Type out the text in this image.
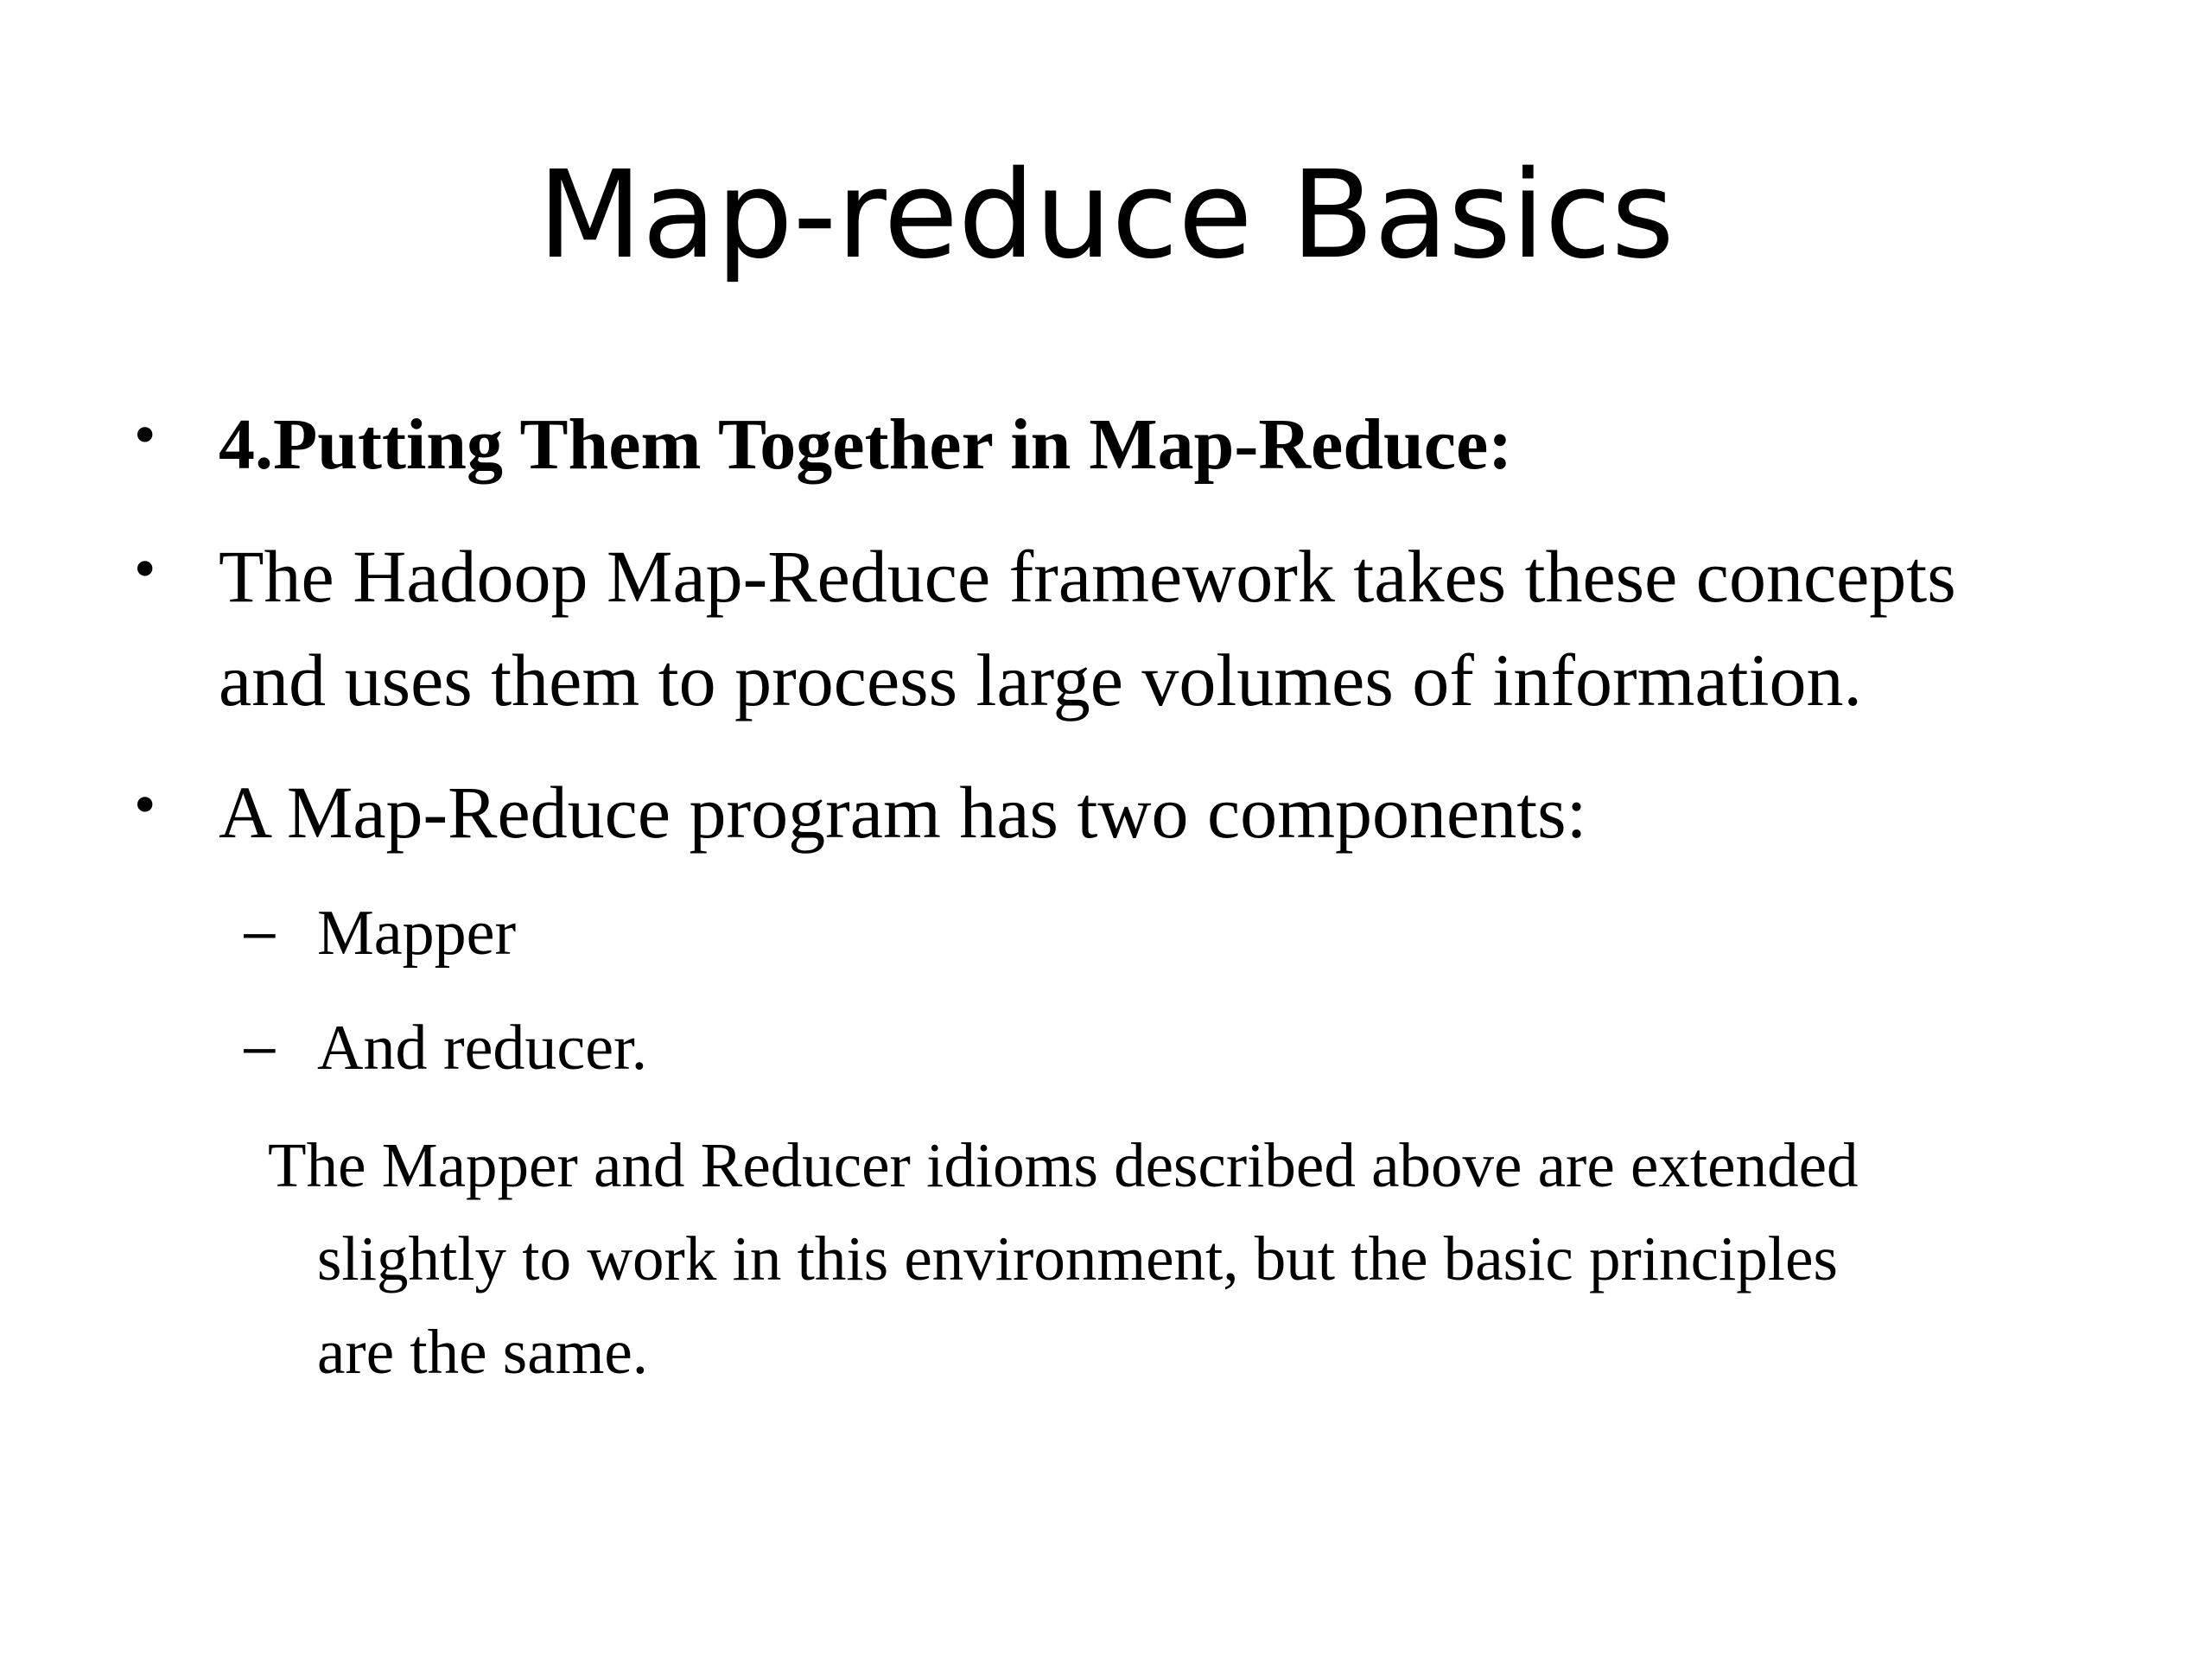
Map-reduce Basics
• 4.Putting Them Together in Map-Reduce:
• The Hadoop Map-Reduce framework takes these concepts
and uses them to process large volumes of information.
• A Map-Reduce program has two components:
– Mapper
– And reducer.
The Mapper and Reducer idioms described above are extended
slightly to work in this environment, but the basic principles
are the same.
